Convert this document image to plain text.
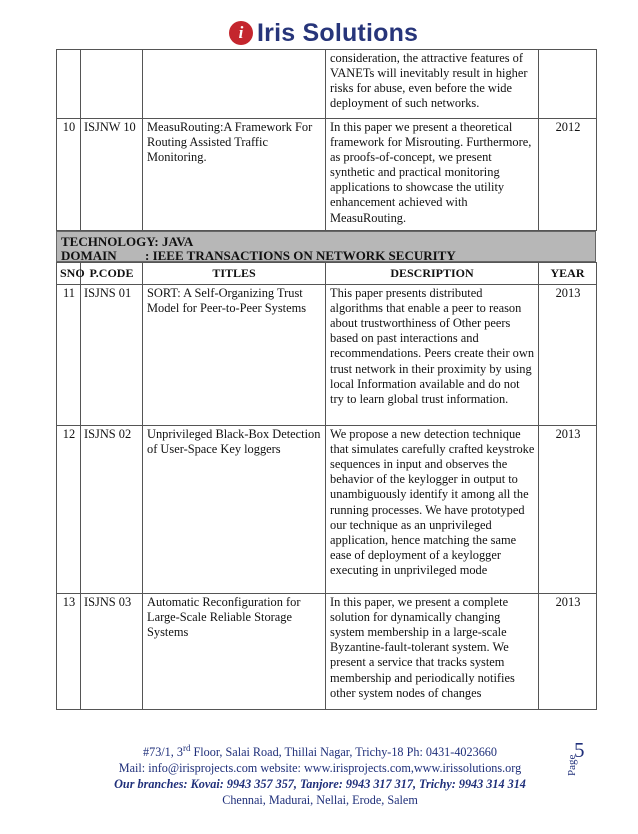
i Iris Solutions
			consideration, the attractive features of VANETs will inevitably result in higher risks for abuse, even before the wide deployment of such networks.	
10	ISJNW 10	MeasuRouting:A Framework For Routing Assisted Traffic Monitoring.	In this paper we present a theoretical framework for Misrouting. Furthermore, as proofs-of-concept, we present synthetic and practical monitoring applications to showcase the utility enhancement achieved with MeasuRouting.	2012
TECHNOLOGY: JAVA
DOMAIN	: IEEE TRANSACTIONS ON NETWORK SECURITY
SNO	P.CODE	TITLES	DESCRIPTION	YEAR
11	ISJNS 01	SORT: A Self-Organizing Trust Model for Peer-to-Peer Systems	This paper presents distributed algorithms that enable a peer to reason about trustworthiness of Other peers based on past interactions and recommendations. Peers create their own trust network in their proximity by using local Information available and do not try to learn global trust information.	2013
12	ISJNS 02	Unprivileged Black-Box Detection of User-Space Key loggers	We propose a new detection technique that simulates carefully crafted keystroke sequences in input and observes the behavior of the keylogger in output to unambiguously identify it among all the running processes. We have prototyped our technique as an unprivileged application, hence matching the same ease of deployment of a keylogger executing in unprivileged mode	2013
13	ISJNS 03	Automatic Reconfiguration for Large-Scale Reliable Storage Systems	In this paper, we present a complete solution for dynamically changing system membership in a large-scale Byzantine-fault-tolerant system. We present a service that tracks system membership and periodically notifies other system nodes of changes	2013
#73/1, 3rd Floor, Salai Road, Thillai Nagar, Trichy-18 Ph: 0431-4023660
Mail: info@irisprojects.com website: www.irisprojects.com,www.irissolutions.org
Our branches: Kovai: 9943 357 357, Tanjore: 9943 317 317, Trichy: 9943 314 314
Chennai, Madurai, Nellai, Erode, Salem
Page
5
